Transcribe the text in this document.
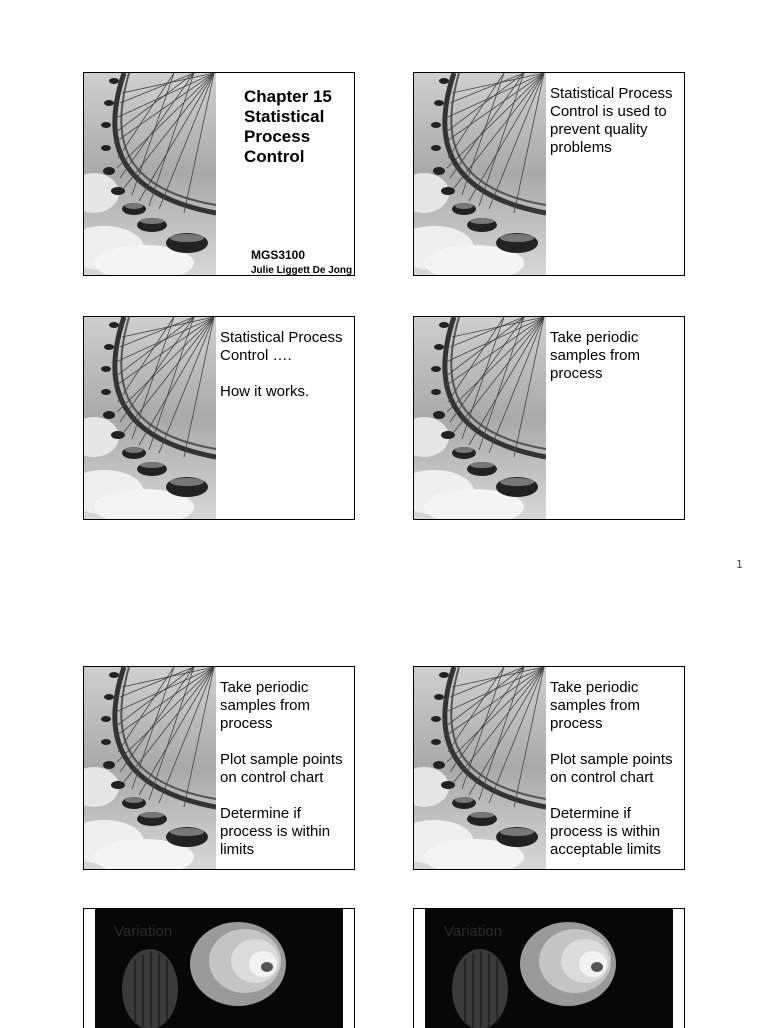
Chapter 15 Statistical Process Control
MGS3100
Julie Liggett De Jong

Statistical Process Control is used to prevent quality problems

Statistical Process Control ….

How it works.

Take periodic samples from process

1

Take periodic samples from process

Plot sample points on control chart

Determine if process is within limits

Take periodic samples from process

Plot sample points on control chart

Determine if process is within acceptable limits

Variation	Variation
